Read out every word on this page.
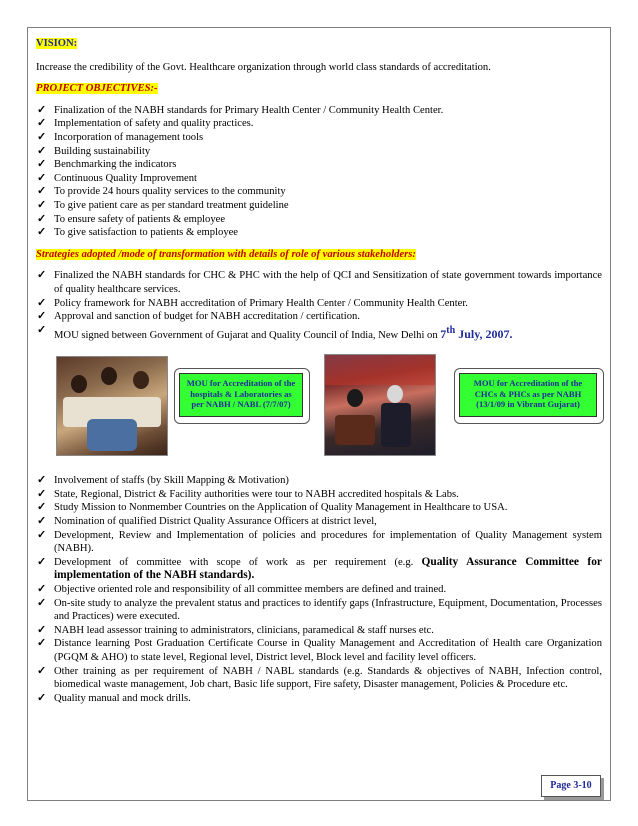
VISION:

Increase the credibility of the Govt. Healthcare organization through world class standards of accreditation.

PROJECT OBJECTIVES:-

✓ Finalization of the NABH standards for Primary Health Center / Community Health Center.
✓ Implementation of safety and quality practices.
✓ Incorporation of management tools
✓ Building sustainability
✓ Benchmarking the indicators
✓ Continuous Quality Improvement
✓ To provide 24 hours quality services to the community
✓ To give patient care as per standard treatment guideline
✓ To ensure safety of patients & employee
✓ To give satisfaction to patients & employee

Strategies adopted /mode of transformation with details of role of various stakeholders:

✓ Finalized the NABH standards for CHC & PHC with the help of QCI and Sensitization of state government towards importance of quality healthcare services.
✓ Policy framework for NABH accreditation of Primary Health Center / Community Health Center.
✓ Approval and sanction of budget for NABH accreditation / certification.
✓ MOU signed between Government of Gujarat and Quality Council of India, New Delhi on 7th July, 2007.
MOU for Accreditation of the
hospitals & Laboratories as
per NABH / NABL (7/7/07)
MOU for Accreditation of the
CHCs & PHCs as per NABH
(13/1/09 in Vibrant Gujarat)
✓ Involvement of staffs (by Skill Mapping & Motivation)
✓ State, Regional, District & Facility authorities were tour to NABH accredited hospitals & Labs.
✓ Study Mission to Nonmember Countries on the Application of Quality Management in Healthcare to USA.
✓ Nomination of qualified District Quality Assurance Officers at district level,
✓ Development, Review and Implementation of policies and procedures for implementation of Quality Management system (NABH).
✓ Development of committee with scope of work as per requirement (e.g. Quality Assurance Committee for implementation of the NABH standards).
✓ Objective oriented role and responsibility of all committee members are defined and trained.
✓ On-site study to analyze the prevalent status and practices to identify gaps (Infrastructure, Equipment, Documentation, Processes and Practices) were executed.
✓ NABH lead assessor training to administrators, clinicians, paramedical & staff nurses etc.
✓ Distance learning Post Graduation Certificate Course in Quality Management and Accreditation of Health care Organization (PGQM & AHO) to state level, Regional level, District level, Block level and facility level officers.
✓ Other training as per requirement of NABH / NABL standards (e.g. Standards & objectives of NABH, Infection control, biomedical waste management, Job chart, Basic life support, Fire safety, Disaster management, Policies & Procedure etc.
✓ Quality manual and mock drills.
Page 3-10
